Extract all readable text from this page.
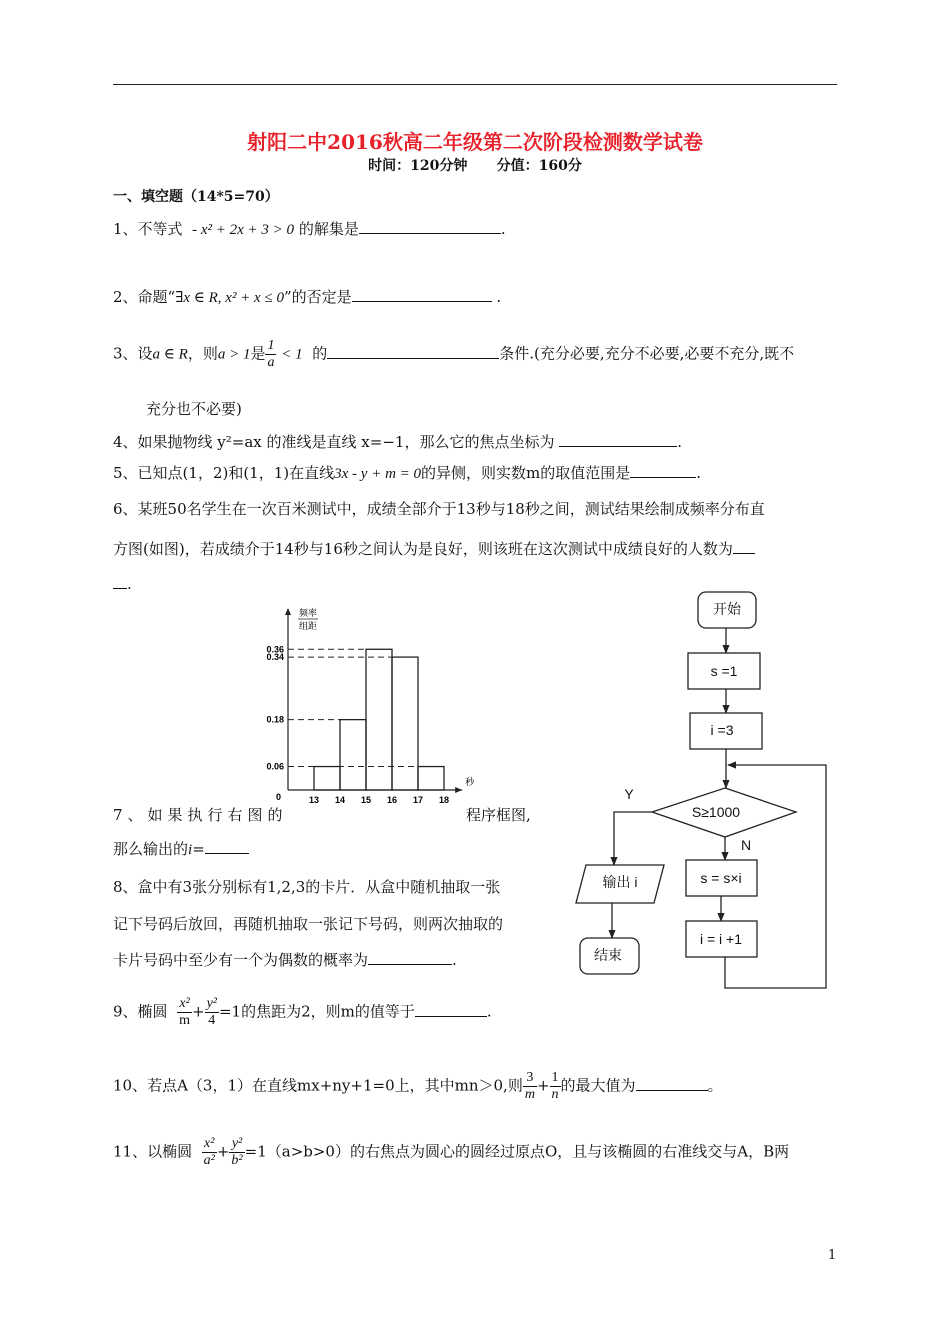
射阳二中2016秋高二年级第二次阶段检测数学试卷
时间：120分钟 分值：160分
一、填空题（14*5=70）
1、不等式 - x² + 2x + 3 > 0 的解集是	.
2、命题“∃x ∈ R, x² + x ≤ 0”的否定是	.
3、设a ∈ R，则a > 1是 $\frac{1}{a} < 1$ 的	条件.(充分必要,充分不必要,必要不充分,既不
充分也不必要)
4、如果抛物线 y²=ax 的准线是直线 x=−1，那么它的焦点坐标为	.
5、已知点(1，2)和(1，1)在直线3x - y + m = 0的异侧，则实数m的取值范围是	.
6、某班50名学生在一次百米测试中，成绩全部介于13秒与18秒之间，测试结果绘制成频率分布直
方图(如图)，若成绩介于14秒与16秒之间认为是良好，则该班在这次测试中成绩良好的人数为
.
频率
组距
秒
0
0.06
0.18
0.34
0.36
13 14 15 16 17 18
7、如果执行右图的	程序框图,
那么输出的i=
8、盒中有3张分别标有1,2,3的卡片．从盒中随机抽取一张
记下号码后放回，再随机抽取一张记下号码，则两次抽取的
卡片号码中至少有一个为偶数的概率为	.
开始
s =1
i =3
S≥1000
Y
N
s = s×i
i = i +1
输出 i
结束
9、椭圆 $\frac{\text{x²}}{m} + \frac{\text{y²}}{4} =1$的焦距为2，则m的值等于	.
10、若点A（3，1）在直线mx+ny+1=0上，其中mn＞0,则 $\frac{3}{m} + \frac{1}{n}$ 的最大值为	。
11、以椭圆 $\frac{\text{x²}}{\text{a²}} + \frac{\text{y²}}{\text{b²}} =1(a>b>0)$的右焦点为圆心的圆经过原点O，且与该椭圆的右准线交与A，B两
1
